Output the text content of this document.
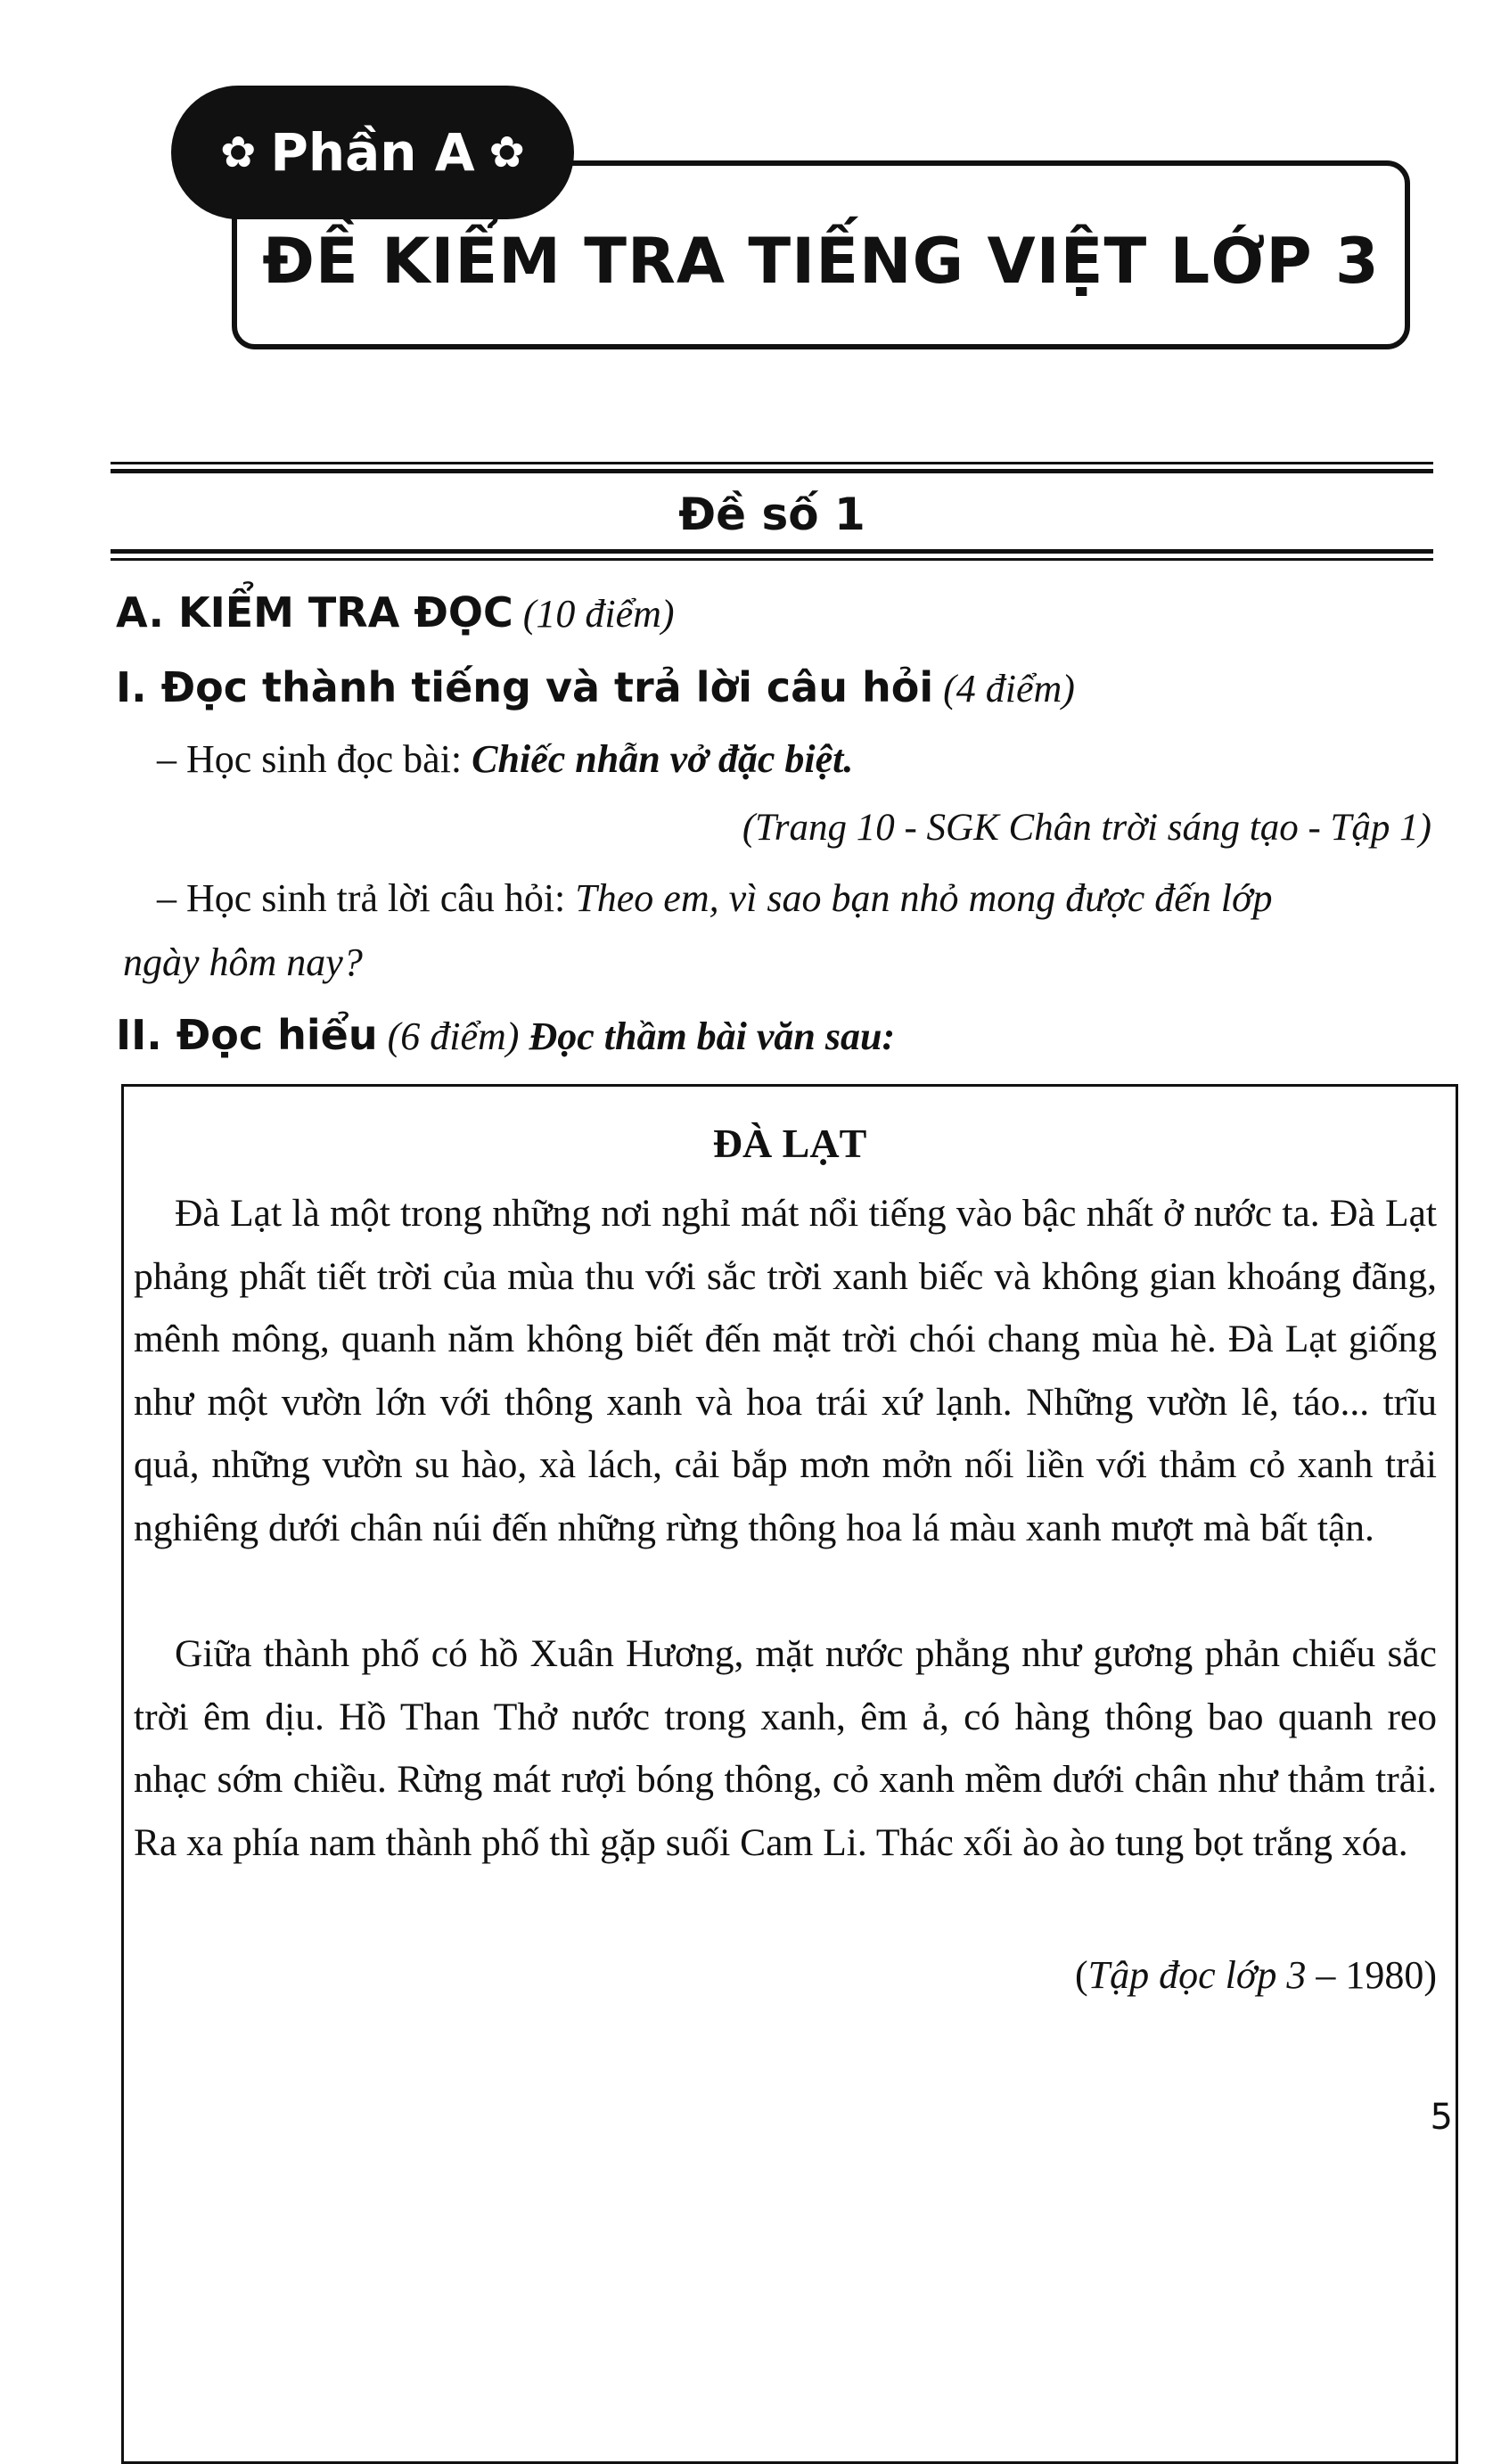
✿ Phần A ✿
ĐỀ KIỂM TRA TIẾNG VIỆT LỚP 3
Đề số 1
A. KIỂM TRA ĐỌC (10 điểm)
I. Đọc thành tiếng và trả lời câu hỏi (4 điểm)
– Học sinh đọc bài: Chiếc nhẫn vở đặc biệt.
(Trang 10 - SGK Chân trời sáng tạo - Tập 1)
– Học sinh trả lời câu hỏi: Theo em, vì sao bạn nhỏ mong được đến lớp
ngày hôm nay?
II. Đọc hiểu (6 điểm) Đọc thầm bài văn sau:
ĐÀ LẠT
Đà Lạt là một trong những nơi nghỉ mát nổi tiếng vào bậc nhất ở nước ta. Đà Lạt phảng phất tiết trời của mùa thu với sắc trời xanh biếc và không gian khoáng đãng, mênh mông, quanh năm không biết đến mặt trời chói chang mùa hè. Đà Lạt giống như một vườn lớn với thông xanh và hoa trái xứ lạnh. Những vườn lê, táo... trĩu quả, những vườn su hào, xà lách, cải bắp mơn mởn nối liền với thảm cỏ xanh trải nghiêng dưới chân núi đến những rừng thông hoa lá màu xanh mượt mà bất tận.
Giữa thành phố có hồ Xuân Hương, mặt nước phẳng như gương phản chiếu sắc trời êm dịu. Hồ Than Thở nước trong xanh, êm ả, có hàng thông bao quanh reo nhạc sớm chiều. Rừng mát rượi bóng thông, cỏ xanh mềm dưới chân như thảm trải. Ra xa phía nam thành phố thì gặp suối Cam Li. Thác xối ào ào tung bọt trắng xóa.
(Tập đọc lớp 3 – 1980)
5
